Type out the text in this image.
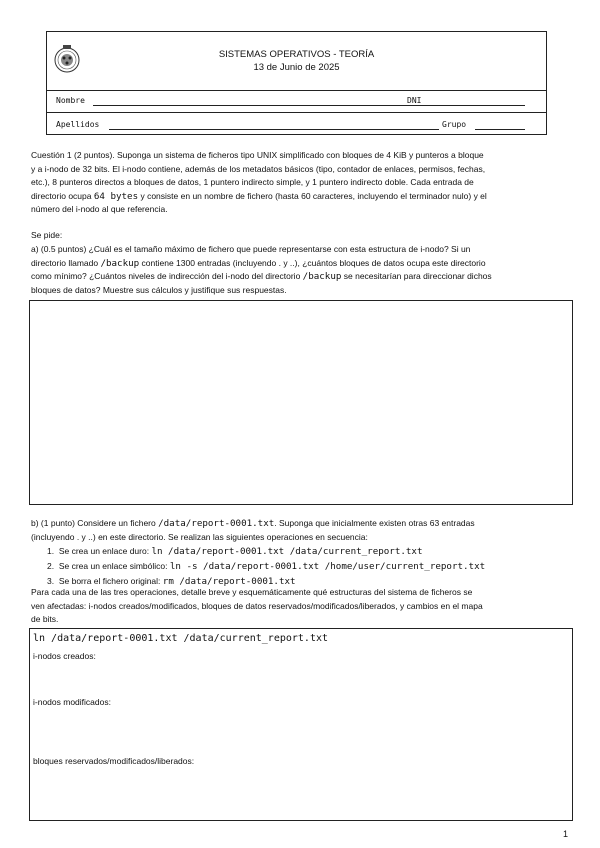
SISTEMAS OPERATIVOS - TEORÍA
13 de Junio de 2025
Nombre	DNI
Apellidos	Grupo
Cuestión 1 (2 puntos). Suponga un sistema de ficheros tipo UNIX simplificado con bloques de 4 KiB y punteros a bloque
y a i-nodo de 32 bits. El i-nodo contiene, además de los metadatos básicos (tipo, contador de enlaces, permisos, fechas,
etc.), 8 punteros directos a bloques de datos, 1 puntero indirecto simple, y 1 puntero indirecto doble. Cada entrada de
directorio ocupa 64 bytes y consiste en un nombre de fichero (hasta 60 caracteres, incluyendo el terminador nulo) y el
número del i-nodo al que referencia.
Se pide:
a) (0.5 puntos) ¿Cuál es el tamaño máximo de fichero que puede representarse con esta estructura de i-nodo? Si un
directorio llamado /backup contiene 1300 entradas (incluyendo . y ..), ¿cuántos bloques de datos ocupa este directorio
como mínimo? ¿Cuántos niveles de indirección del i-nodo del directorio /backup se necesitarían para direccionar dichos
bloques de datos? Muestre sus cálculos y justifique sus respuestas.
b) (1 punto) Considere un fichero /data/report-0001.txt. Suponga que inicialmente existen otras 63 entradas
(incluyendo . y ..) en este directorio. Se realizan las siguientes operaciones en secuencia:
1. Se crea un enlace duro: ln /data/report-0001.txt /data/current_report.txt
2. Se crea un enlace simbólico: ln -s /data/report-0001.txt /home/user/current_report.txt
3. Se borra el fichero original: rm /data/report-0001.txt
Para cada una de las tres operaciones, detalle breve y esquemáticamente qué estructuras del sistema de ficheros se
ven afectadas: i-nodos creados/modificados, bloques de datos reservados/modificados/liberados, y cambios en el mapa
de bits.
ln /data/report-0001.txt /data/current_report.txt
i-nodos creados:
i-nodos modificados:
bloques reservados/modificados/liberados:
1
